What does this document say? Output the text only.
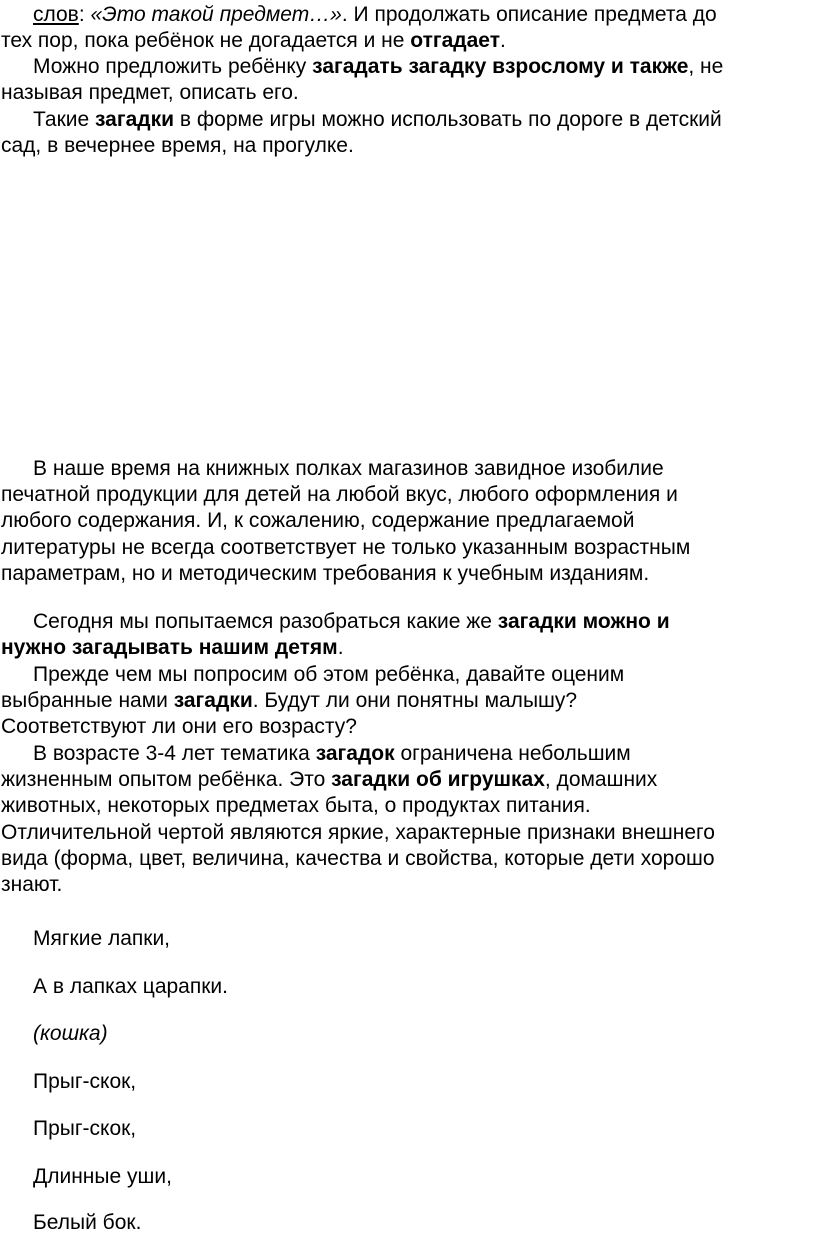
слов: «Это такой предмет…». И продолжать описание предмета до

тех пор, пока ребёнок не догадается и не отгадает.

Можно предложить ребёнку загадать загадку взрослому и также, не

называя предмет, описать его.

Такие загадки в форме игры можно использовать по дороге в детский

сад, в вечернее время, на прогулке.

В наше время на книжных полках магазинов завидное изобилие

печатной продукции для детей на любой вкус, любого оформления и

любого содержания. И, к сожалению, содержание предлагаемой

литературы не всегда соответствует не только указанным возрастным

параметрам, но и методическим требования к учебным изданиям.

Сегодня мы попытаемся разобраться какие же загадки можно и

нужно загадывать нашим детям.

Прежде чем мы попросим об этом ребёнка, давайте оценим

выбранные нами загадки. Будут ли они понятны малышу?

Соответствуют ли они его возрасту?

В возрасте 3-4 лет тематика загадок ограничена небольшим

жизненным опытом ребёнка. Это загадки об игрушках, домашних

животных, некоторых предметах быта, о продуктах питания.

Отличительной чертой являются яркие, характерные признаки внешнего

вида (форма, цвет, величина, качества и свойства, которые дети хорошо

знают.

Мягкие лапки,

А в лапках царапки.

(кошка)

Прыг-скок,

Прыг-скок,

Длинные уши,

Белый бок.
